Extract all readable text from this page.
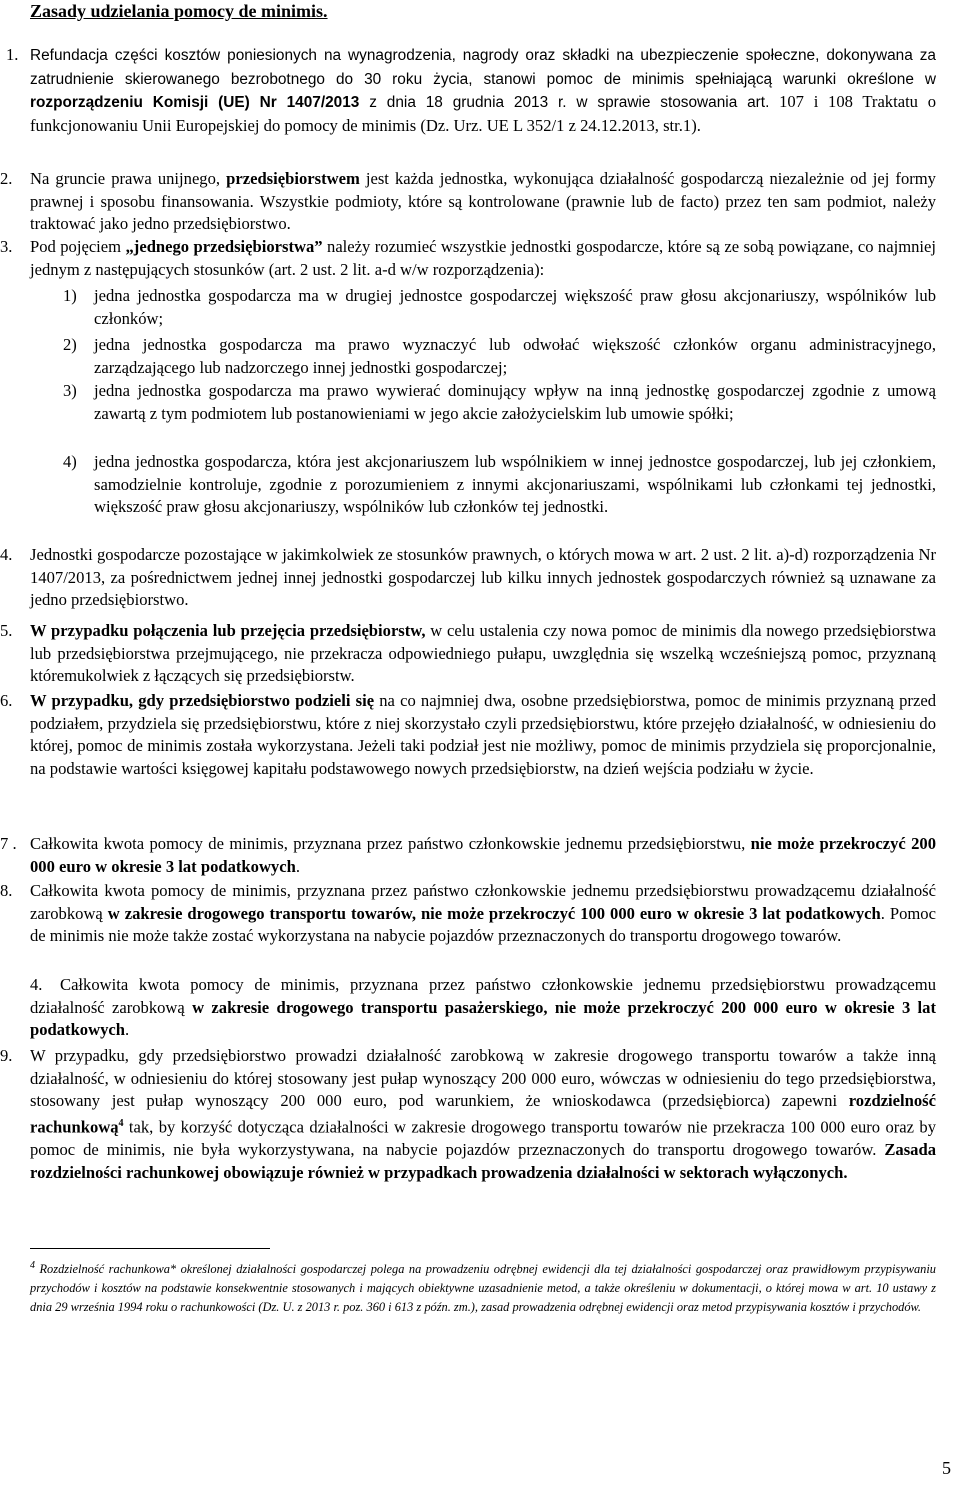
Zasady udzielania pomocy de minimis.
1. Refundacja części kosztów poniesionych na wynagrodzenia, nagrody oraz składki na ubezpieczenie społeczne, dokonywana za zatrudnienie skierowanego bezrobotnego do 30 roku życia, stanowi pomoc de minimis spełniającą warunki określone w rozporządzeniu Komisji (UE) Nr 1407/2013 z dnia 18 grudnia 2013 r. w sprawie stosowania art. 107 i 108 Traktatu o funkcjonowaniu Unii Europejskiej do pomocy de minimis (Dz. Urz. UE L 352/1 z 24.12.2013, str.1).
2. Na gruncie prawa unijnego, przedsiębiorstwem jest każda jednostka, wykonująca działalność gospodarczą niezależnie od jej formy prawnej i sposobu finansowania. Wszystkie podmioty, które są kontrolowane (prawnie lub de facto) przez ten sam podmiot, należy traktować jako jedno przedsiębiorstwo.
3. Pod pojęciem „jednego przedsiębiorstwa” należy rozumieć wszystkie jednostki gospodarcze, które są ze sobą powiązane, co najmniej jednym z następujących stosunków (art. 2 ust. 2 lit. a-d w/w rozporządzenia):
1) jedna jednostka gospodarcza ma w drugiej jednostce gospodarczej większość praw głosu akcjonariuszy, wspólników lub członków;
2) jedna jednostka gospodarcza ma prawo wyznaczyć lub odwołać większość członków organu administracyjnego, zarządzającego lub nadzorczego innej jednostki gospodarczej;
3) jedna jednostka gospodarcza ma prawo wywierać dominujący wpływ na inną jednostkę gospodarczej zgodnie z umową zawartą z tym podmiotem lub postanowieniami w jego akcie założycielskim lub umowie spółki;
4) jedna jednostka gospodarcza, która jest akcjonariuszem lub wspólnikiem w innej jednostce gospodarczej, lub jej członkiem, samodzielnie kontroluje, zgodnie z porozumieniem z innymi akcjonariuszami, wspólnikami lub członkami tej jednostki, większość praw głosu akcjonariuszy, wspólników lub członków tej jednostki.
4. Jednostki gospodarcze pozostające w jakimkolwiek ze stosunków prawnych, o których mowa w art. 2 ust. 2 lit. a)-d) rozporządzenia Nr 1407/2013, za pośrednictwem jednej innej jednostki gospodarczej lub kilku innych jednostek gospodarczych również są uznawane za jedno przedsiębiorstwo.
5. W przypadku połączenia lub przejęcia przedsiębiorstw, w celu ustalenia czy nowa pomoc de minimis dla nowego przedsiębiorstwa lub przedsiębiorstwa przejmującego, nie przekracza odpowiedniego pułapu, uwzględnia się wszelką wcześniejszą pomoc, przyznaną któremukolwiek z łączących się przedsiębiorstw.
6. W przypadku, gdy przedsiębiorstwo podzieli się na co najmniej dwa, osobne przedsiębiorstwa, pomoc de minimis przyznaną przed podziałem, przydziela się przedsiębiorstwu, które z niej skorzystało czyli przedsiębiorstwu, które przejęło działalność, w odniesieniu do której, pomoc de minimis została wykorzystana. Jeżeli taki podział jest nie możliwy, pomoc de minimis przydziela się proporcjonalnie, na podstawie wartości księgowej kapitału podstawowego nowych przedsiębiorstw, na dzień wejścia podziału w życie.
7 . Całkowita kwota pomocy de minimis, przyznana przez państwo członkowskie jednemu przedsiębiorstwu, nie może przekroczyć 200 000 euro w okresie 3 lat podatkowych.
8. Całkowita kwota pomocy de minimis, przyznana przez państwo członkowskie jednemu przedsiębiorstwu prowadzącemu działalność zarobkową w zakresie drogowego transportu towarów, nie może przekroczyć 100 000 euro w okresie 3 lat podatkowych. Pomoc de minimis nie może także zostać wykorzystana na nabycie pojazdów przeznaczonych do transportu drogowego towarów.
4. Całkowita kwota pomocy de minimis, przyznana przez państwo członkowskie jednemu przedsiębiorstwu prowadzącemu działalność zarobkową w zakresie drogowego transportu pasażerskiego, nie może przekroczyć 200 000 euro w okresie 3 lat podatkowych.
9. W przypadku, gdy przedsiębiorstwo prowadzi działalność zarobkową w zakresie drogowego transportu towarów a także inną działalność, w odniesieniu do której stosowany jest pułap wynoszący 200 000 euro, wówczas w odniesieniu do tego przedsiębiorstwa, stosowany jest pułap wynoszący 200 000 euro, pod warunkiem, że wnioskodawca (przedsiębiorca) zapewni rozdzielność rachunkową$^4$ tak, by korzyść dotycząca działalności w zakresie drogowego transportu towarów nie przekracza 100 000 euro oraz by pomoc de minimis, nie była wykorzystywana, na nabycie pojazdów przeznaczonych do transportu drogowego towarów. Zasada rozdzielności rachunkowej obowiązuje również w przypadkach prowadzenia działalności w sektorach wyłączonych.
$^4$ Rozdzielność rachunkowa* określonej działalności gospodarczej polega na prowadzeniu odrębnej ewidencji dla tej działalności gospodarczej oraz prawidłowym przypisywaniu przychodów i kosztów na podstawie konsekwentnie stosowanych i mających obiektywne uzasadnienie metod, a także określeniu w dokumentacji, o której mowa w art. 10 ustawy z dnia 29 września 1994 roku o rachunkowości (Dz. U. z 2013 r. poz. 360 i 613 z późn. zm.), zasad prowadzenia odrębnej ewidencji oraz metod przypisywania kosztów i przychodów.
5
